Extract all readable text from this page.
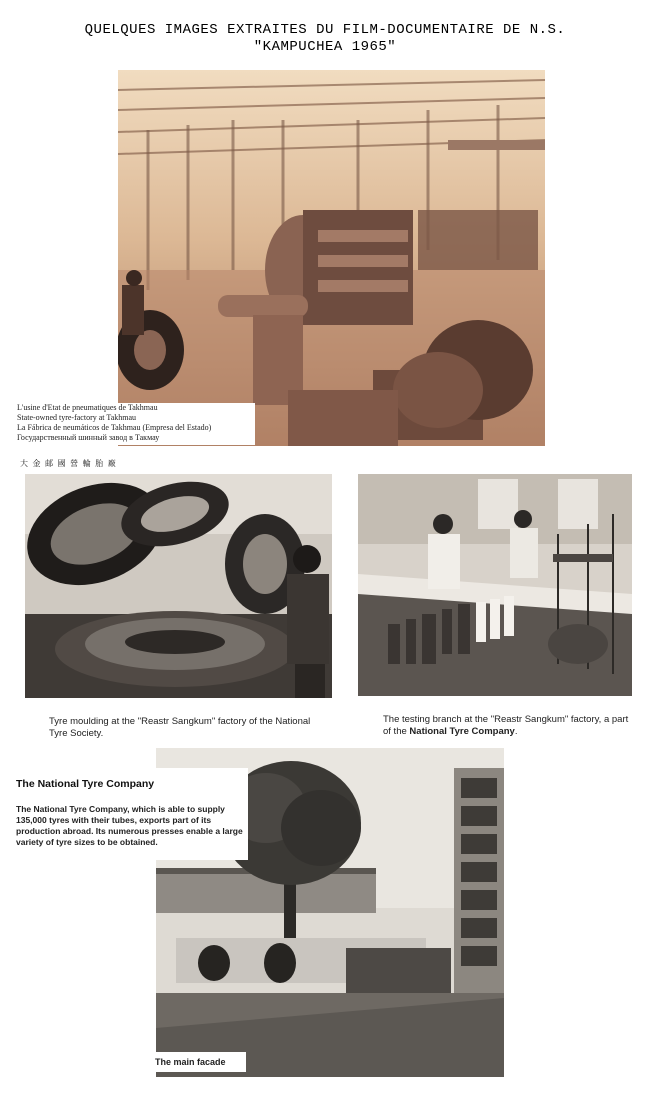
QUELQUES IMAGES EXTRAITES DU FILM-DOCUMENTAIRE DE N.S.
"KAMPUCHEA 1965"
L'usine d'Etat de pneumatiques de Takhmau
State-owned tyre-factory at Takhmau
La Fábrica de neumáticos de Takhmau (Empresa del Estado)
Государственный шинный завод в Такмау
大 金 邮 國 營 輪 胎 廠
Tyre moulding at the "Reastr Sangkum" factory of the National Tyre Society.
The testing branch at the "Reastr Sangkum" factory, a part of the National Tyre Company.
The National Tyre Company
The National Tyre Company, which is able to supply 135,000 tyres with their tubes, exports part of its production abroad. Its numerous presses enable a large variety of tyre sizes to be obtained.
The main facade
